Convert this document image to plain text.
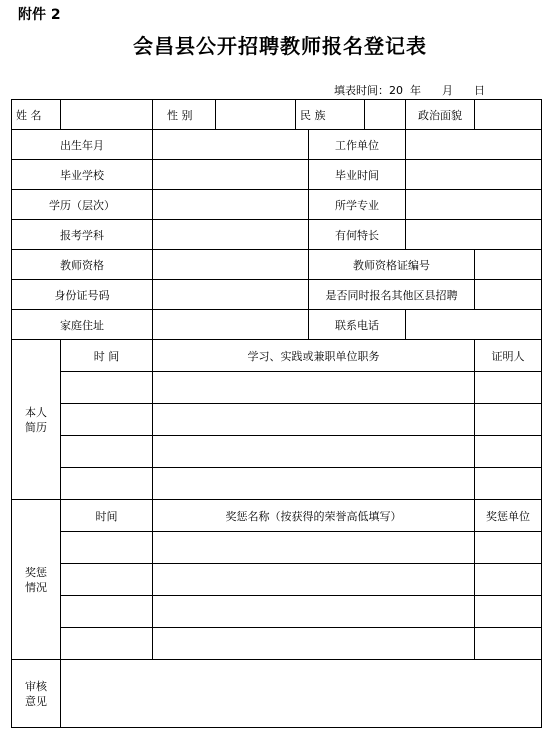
附件 2
会昌县公开招聘教师报名登记表
填表时间：20  年      月      日
姓 名		性 别		民 族			政治面貌	
出生年月					工作单位			
毕业学校					毕业时间			
学历（层次）					所学专业			
报考学科					有何特长			
教师资格					教师资格证编号			
身份证号码					是否同时报名其他区县招聘			
家庭住址					联系电话			
本人简历	时 间	学习、实践或兼职单位职务						证明人

奖惩情况	时间	奖惩名称（按获得的荣誉高低填写）						奖惩单位

审核意见								
